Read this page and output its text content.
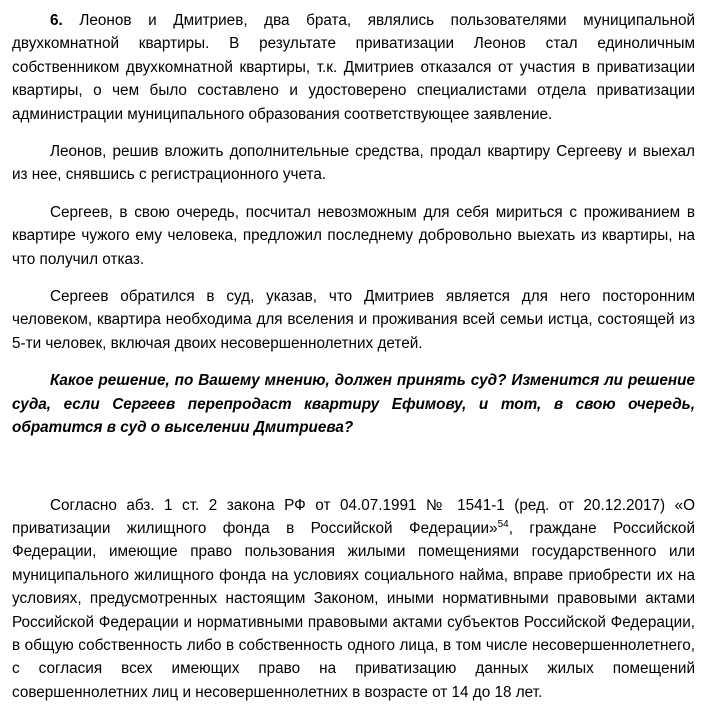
6. Леонов и Дмитриев, два брата, являлись пользователями муниципальной двухкомнатной квартиры. В результате приватизации Леонов стал единоличным собственником двухкомнатной квартиры, т.к. Дмитриев отказался от участия в приватизации квартиры, о чем было составлено и удостоверено специалистами отдела приватизации администрации муниципального образования соответствующее заявление.

Леонов, решив вложить дополнительные средства, продал квартиру Сергееву и выехал из нее, снявшись с регистрационного учета.

Сергеев, в свою очередь, посчитал невозможным для себя мириться с проживанием в квартире чужого ему человека, предложил последнему добровольно выехать из квартиры, на что получил отказ.

Сергеев обратился в суд, указав, что Дмитриев является для него посторонним человеком, квартира необходима для вселения и проживания всей семьи истца, состоящей из 5-ти человек, включая двоих несовершеннолетних детей.

Какое решение, по Вашему мнению, должен принять суд? Изменится ли решение суда, если Сергеев перепродаст квартиру Ефимову, и тот, в свою очередь, обратится в суд о выселении Дмитриева?

Согласно абз. 1 ст. 2 закона РФ от 04.07.1991 № 1541-1 (ред. от 20.12.2017) «О приватизации жилищного фонда в Российской Федерации»$^{54}$, граждане Российской Федерации, имеющие право пользования жилыми помещениями государственного или муниципального жилищного фонда на условиях социального найма, вправе приобрести их на условиях, предусмотренных настоящим Законом, иными нормативными правовыми актами Российской Федерации и нормативными правовыми актами субъектов Российской Федерации, в общую собственность либо в собственность одного лица, в том числе несовершеннолетнего, с согласия всех имеющих право на приватизацию данных жилых помещений совершеннолетних лиц и несовершеннолетних в возрасте от 14 до 18 лет.
